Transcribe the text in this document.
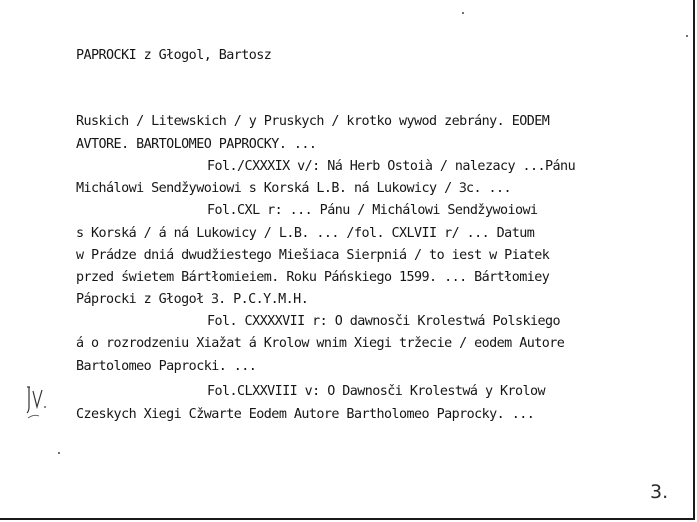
PAPROCKI z Głogol, Bartosz
Ruskich / Litewskich / y Pruskych / krotko wywod zebrány. EODEM
AVTORE. BARTOLOMEO PAPROCKY. ...
Fol./CXXXIX v/: Ná Herb Ostoià / nalezacy ...Pánu
Michálowi Sendžywoiowi s Korská L.B. ná Lukowicy / Ꝫc. ...
Fol.CXL r: ... Pánu / Michálowi Sendžywoiowi
s Korská / á ná Lukowicy / L.B. ... /fol. CXLVII r/ ... Datum
w Prádze dniá dwudžiestego Miešiaca Sierpniá / to iest w Piatek
przed świetem Bártłomieiem. Roku Páńskiego 1599. ... Bártłomiey
Páprocki z Głogoł Ꝫ. P.C.Y.M.H.
Fol. CXXXXVII r: O dawnosči Krolestwá Polskiego
á o rozrodzeniu Xiažat á Krolow wnim Xiegi tržecie / eodem Autore
Bartolomeo Paprocki. ...
Fol.CLXXVIII v: O Dawnosči Krolestwá y Krolow
Czeskych Xiegi Cžwarte Eodem Autore Bartholomeo Paprocky. ...
3.
